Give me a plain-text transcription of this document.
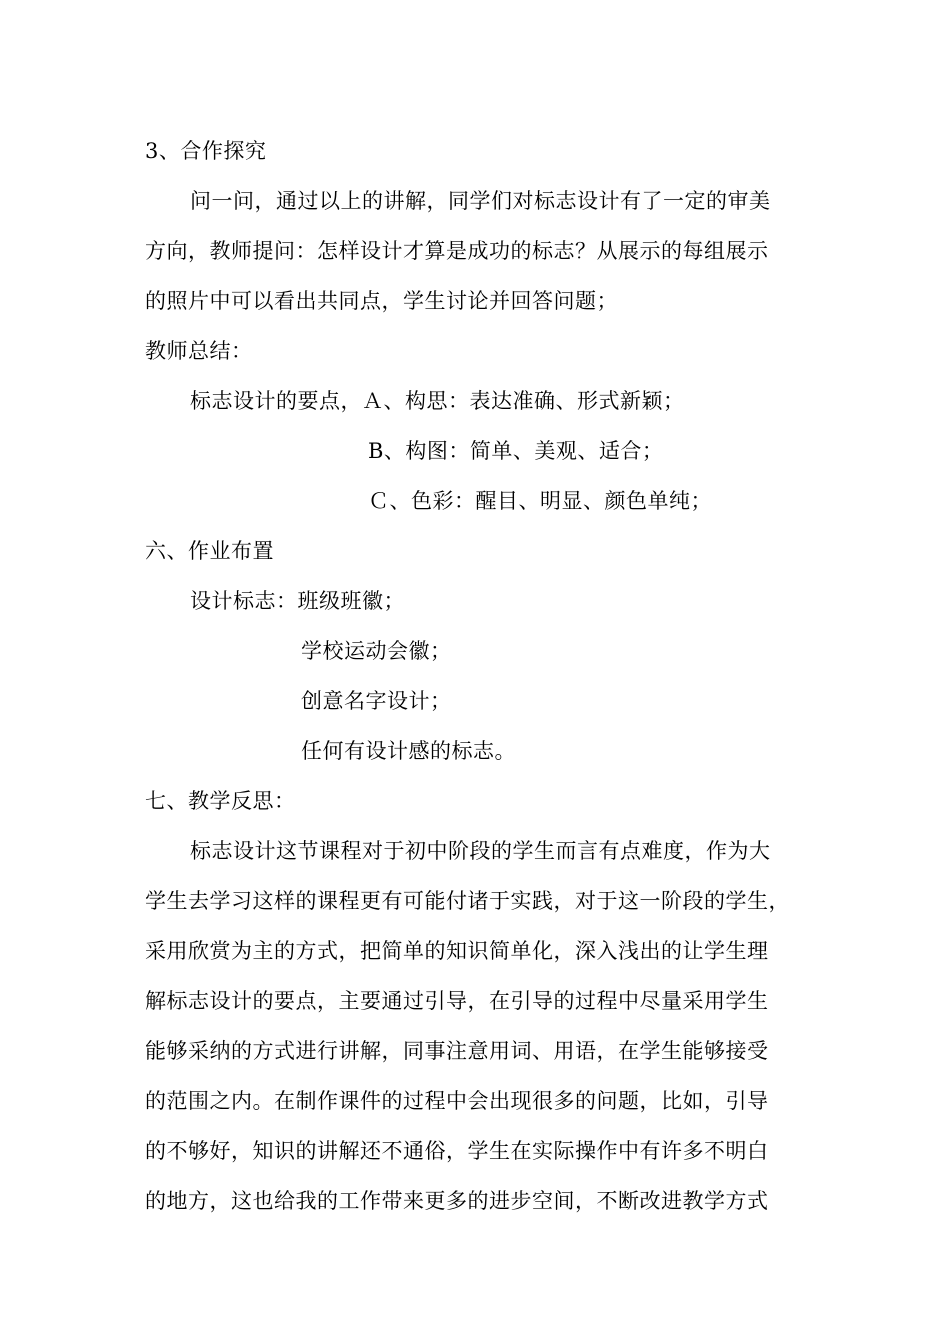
3、合作探究
问一问，通过以上的讲解，同学们对标志设计有了一定的审美
方向，教师提问：怎样设计才算是成功的标志？从展示的每组展示
的照片中可以看出共同点，学生讨论并回答问题；
教师总结：
标志设计的要点，Ａ、构思：表达准确、形式新颖；
B、构图：简单、美观、适合；
Ｃ、色彩：醒目、明显、颜色单纯；
六、作业布置
设计标志：班级班徽；
学校运动会徽；
创意名字设计；
任何有设计感的标志。
七、教学反思：
标志设计这节课程对于初中阶段的学生而言有点难度，作为大
学生去学习这样的课程更有可能付诸于实践，对于这一阶段的学生，
采用欣赏为主的方式，把简单的知识简单化，深入浅出的让学生理
解标志设计的要点，主要通过引导，在引导的过程中尽量采用学生
能够采纳的方式进行讲解，同事注意用词、用语，在学生能够接受
的范围之内。在制作课件的过程中会出现很多的问题，比如，引导
的不够好，知识的讲解还不通俗，学生在实际操作中有许多不明白
的地方，这也给我的工作带来更多的进步空间，不断改进教学方式
